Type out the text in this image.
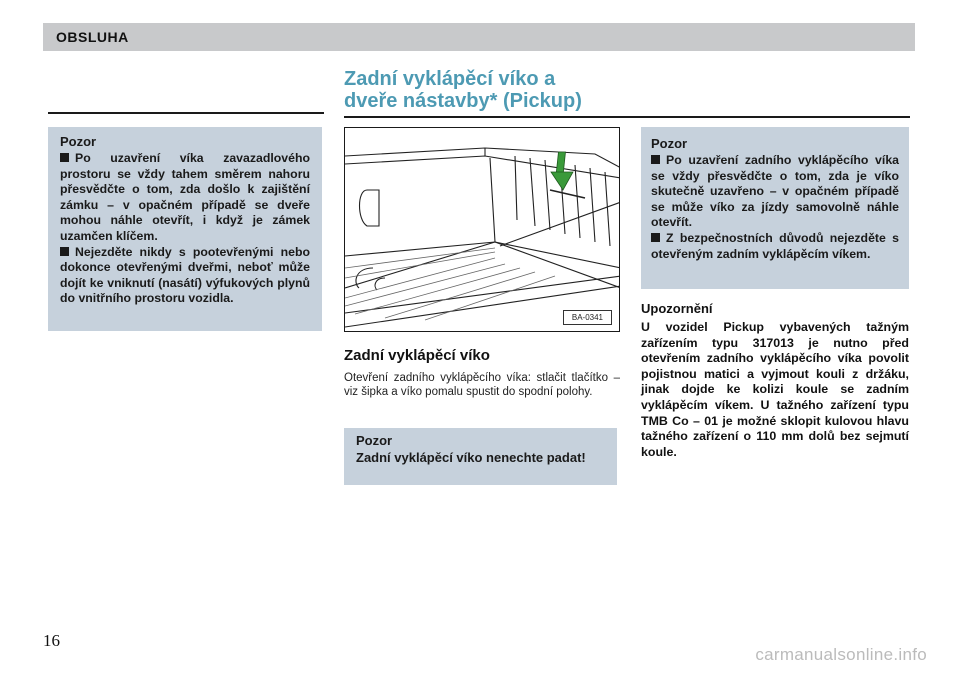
OBSLUHA
Zadní vyklápěcí víko a
dveře nástavby* (Pickup)
Pozor
Po uzavření víka zavazadlového prostoru se vždy tahem směrem nahoru přesvědčte o tom, zda došlo k zajištění zámku – v opačném případě se dveře mohou náhle otevřít, i když je zámek uzamčen klíčem.
Nejezděte nikdy s pootevřenými nebo dokonce otevřenými dveřmi, neboť může dojít ke vniknutí (nasátí) výfukových plynů do vnitřního prostoru vozidla.
BA-0341
Zadní vyklápěcí víko
Otevření zadního vyklápěcího víka: stlačit tlačítko – viz šipka a víko pomalu spustit do spodní polohy.
Pozor
Zadní vyklápěcí víko nenechte padat!
Pozor
Po uzavření zadního vyklápěcího víka se vždy přesvědčte o tom, zda je víko skutečně uzavřeno – v opačném případě se může víko za jízdy samovolně náhle otevřít.
Z bezpečnostních důvodů nejezděte s otevřeným zadním vyklápěcím víkem.
Upozornění
U vozidel Pickup vybavených tažným zařízením typu 317013 je nutno před otevřením zadního vyklápěcího víka povolit pojistnou matici a vyjmout kouli z držáku, jinak dojde ke kolizi koule se zadním vyklápěcím víkem. U tažného zařízení typu TMB Co – 01 je možné sklopit kulovou hlavu tažného zařízení o 110 mm dolů bez sejmutí koule.
16
carmanualsonline.info
